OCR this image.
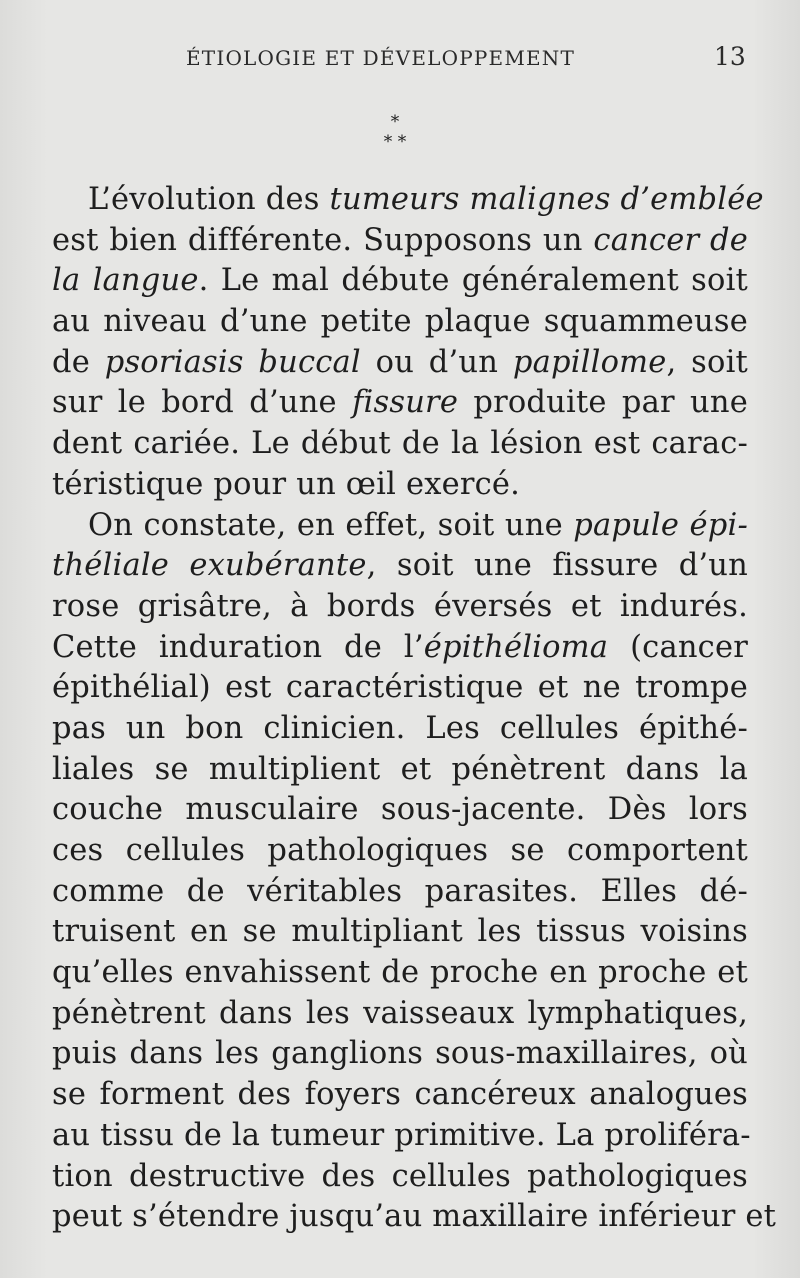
ÉTIOLOGIE ET DÉVELOPPEMENT	13
*
* *
L’évolution des tumeurs malignes d’emblée
est bien différente. Supposons un cancer de
la langue. Le mal débute généralement soit
au niveau d’une petite plaque squammeuse
de psoriasis buccal ou d’un papillome, soit
sur le bord d’une fissure produite par une
dent cariée. Le début de la lésion est carac-
téristique pour un œil exercé.
On constate, en effet, soit une papule épi-
théliale exubérante, soit une fissure d’un
rose grisâtre, à bords éversés et indurés.
Cette induration de l’épithélioma (cancer
épithélial) est caractéristique et ne trompe
pas un bon clinicien. Les cellules épithé-
liales se multiplient et pénètrent dans la
couche musculaire sous-jacente. Dès lors
ces cellules pathologiques se comportent
comme de véritables parasites. Elles dé-
truisent en se multipliant les tissus voisins
qu’elles envahissent de proche en proche et
pénètrent dans les vaisseaux lymphatiques,
puis dans les ganglions sous-maxillaires, où
se forment des foyers cancéreux analogues
au tissu de la tumeur primitive. La proliféra-
tion destructive des cellules pathologiques
peut s’étendre jusqu’au maxillaire inférieur et
